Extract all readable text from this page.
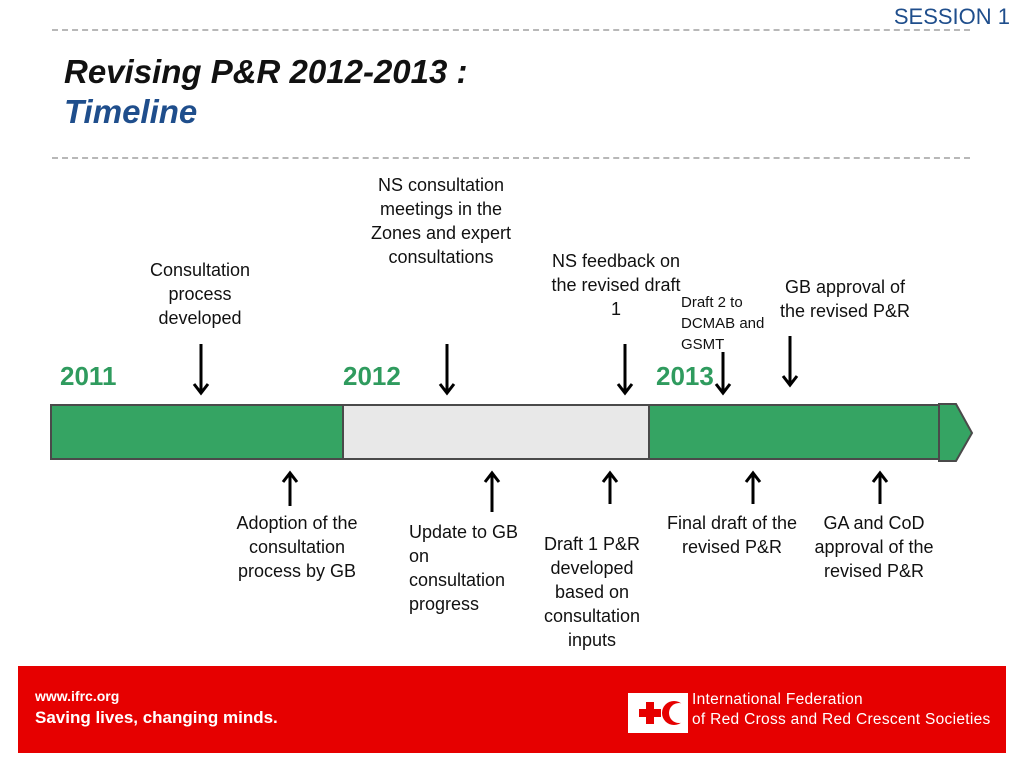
SESSION 1
Revising P&R 2012-2013 :
Timeline
2011	2012	2013
Consultation process developed
NS consultation meetings in the Zones and expert consultations	NS feedback on the revised draft 1	Draft 2 to DCMAB and GSMT
GB approval of the revised P&R
Adoption of the consultation process by GB
Update to GB on consultation progress
Draft 1 P&R developed based on consultation inputs
Final draft of the revised P&R
GA and CoD approval of the revised P&R
www.ifrc.org
Saving lives, changing minds.
International Federation
of Red Cross and Red Crescent Societies
